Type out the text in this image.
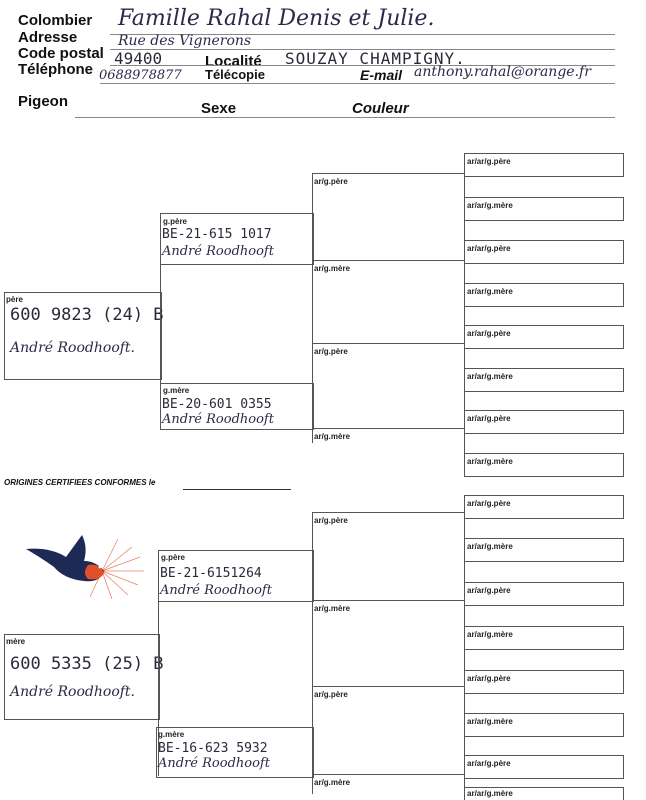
Colombier Famille Rahal Denis et Julie.
Adresse	Rue des Vignerons
Code postal 49400	Localité SOUZAY CHAMPIGNY.
Téléphone 0688978877 Télécopie	E-mail anthony.rahal@orange.fr
Pigeon	Sexe	Couleur
père
600 9823 (24) B
André Roodhooft.
g.père
BE-21-615 1017
André Roodhooft
g.mère
BE-20-601 0355
André Roodhooft
ar/g.père
ar/g.mère
ar/g.père
ar/g.mère
ar/ar/g.père
ar/ar/g.mère
ar/ar/g.père
ar/ar/g.mère
ar/ar/g.père
ar/ar/g.mère
ar/ar/g.père
ar/ar/g.mère
ORIGINES CERTIFIEES CONFORMES le
mère
600 5335 (25) B
André Roodhooft.
g.père
BE-21-6151264
André Roodhooft
g.mère
BE-16-623 5932
André Roodhooft
ar/g.père
ar/g.mère
ar/g.père
ar/g.mère
ar/ar/g.père
ar/ar/g.mère
ar/ar/g.père
ar/ar/g.mère
ar/ar/g.père
ar/ar/g.mère
ar/ar/g.père
ar/ar/g.mère
